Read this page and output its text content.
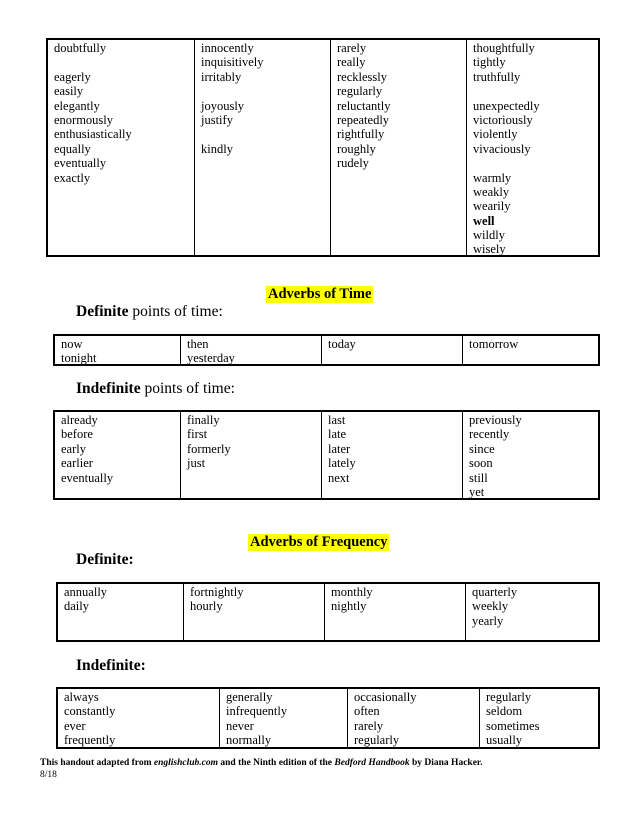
doubtfully
eagerly
easily
elegantly
enormously
enthusiastically
equally
eventually
exactly
innocently
inquisitively
irritably
joyously
justify
kindly
rarely
really
recklessly
regularly
reluctantly
repeatedly
rightfully
roughly
rudely
thoughtfully
tightly
truthfully
unexpectedly
victoriously
violently
vivaciously
warmly
weakly
wearily
well
wildly
wisely
Adverbs of Time
Definite points of time:
now
tonight
then
yesterday
today	tomorrow
Indefinite points of time:
already
before
early
earlier
eventually
finally
first
formerly
just
last
late
later
lately
next
previously
recently
since
soon
still
yet
Adverbs of Frequency
Definite:
annually
daily
fortnightly
hourly
monthly
nightly
quarterly
weekly
yearly
Indefinite:
always
constantly
ever
frequently
generally
infrequently
never
normally
occasionally
often
rarely
regularly
regularly
seldom
sometimes
usually
This handout adapted from englishclub.com and the Ninth edition of the Bedford Handbook by Diana Hacker.
8/18
